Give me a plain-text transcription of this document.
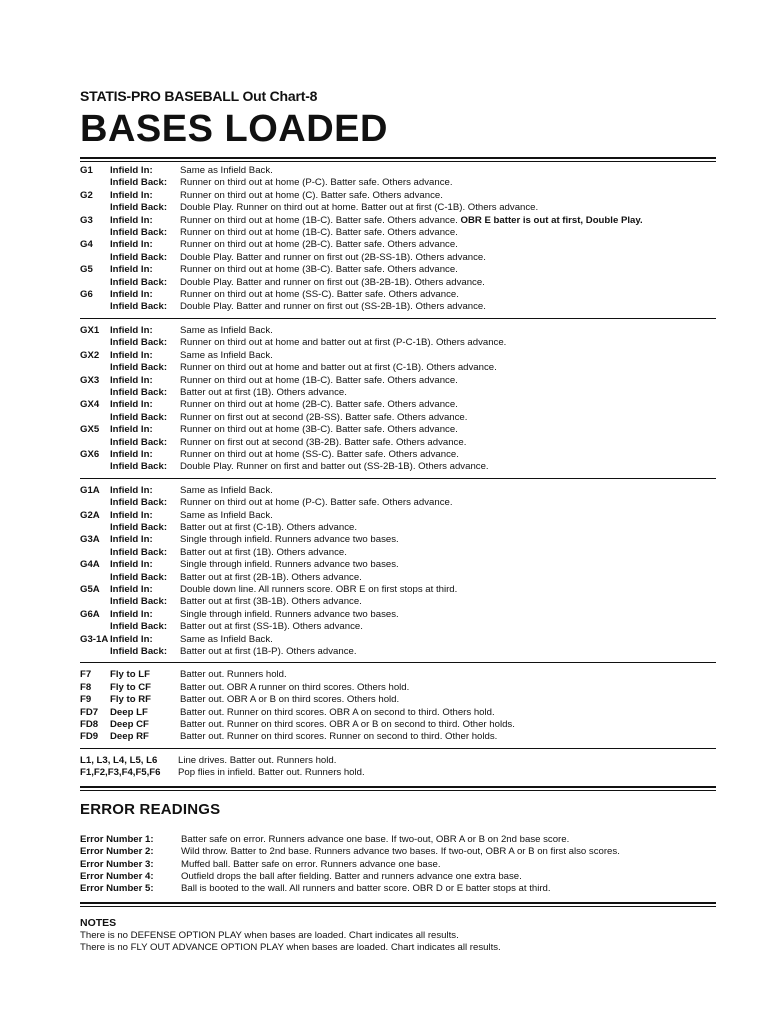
STATIS-PRO BASEBALL Out Chart-8

BASES LOADED

G1	Infield In:	Same as Infield Back.
Infield Back:	Runner on third out at home (P-C). Batter safe. Others advance.
G2	Infield In:	Runner on third out at home (C). Batter safe. Others advance.
Infield Back:	Double Play. Runner on third out at home. Batter out at first (C-1B). Others advance.
G3	Infield In:	Runner on third out at home (1B-C). Batter safe. Others advance. OBR E batter is out at first, Double Play.
Infield Back:	Runner on third out at home (1B-C). Batter safe. Others advance.
G4	Infield In:	Runner on third out at home (2B-C). Batter safe. Others advance.
Infield Back:	Double Play. Batter and runner on first out (2B-SS-1B). Others advance.
G5	Infield In:	Runner on third out at home (3B-C). Batter safe. Others advance.
Infield Back:	Double Play. Batter and runner on first out (3B-2B-1B). Others advance.
G6	Infield In:	Runner on third out at home (SS-C). Batter safe. Others advance.
Infield Back:	Double Play. Batter and runner on first out (SS-2B-1B). Others advance.
GX1	Infield In:	Same as Infield Back.
Infield Back:	Runner on third out at home and batter out at first (P-C-1B). Others advance.
GX2	Infield In:	Same as Infield Back.
Infield Back:	Runner on third out at home and batter out at first (C-1B). Others advance.
GX3	Infield In:	Runner on third out at home (1B-C). Batter safe. Others advance.
Infield Back:	Batter out at first (1B). Others advance.
GX4	Infield In:	Runner on third out at home (2B-C). Batter safe. Others advance.
Infield Back:	Runner on first out at second (2B-SS). Batter safe. Others advance.
GX5	Infield In:	Runner on third out at home (3B-C). Batter safe. Others advance.
Infield Back:	Runner on first out at second (3B-2B). Batter safe. Others advance.
GX6	Infield In:	Runner on third out at home (SS-C). Batter safe. Others advance.
Infield Back:	Double Play. Runner on first and batter out (SS-2B-1B). Others advance.
G1A	Infield In:	Same as Infield Back.
Infield Back:	Runner on third out at home (P-C). Batter safe. Others advance.
G2A	Infield In:	Same as Infield Back.
Infield Back:	Batter out at first (C-1B). Others advance.
G3A	Infield In:	Single through infield. Runners advance two bases.
Infield Back:	Batter out at first (1B). Others advance.
G4A	Infield In:	Single through infield. Runners advance two bases.
Infield Back:	Batter out at first (2B-1B). Others advance.
G5A	Infield In:	Double down line. All runners score. OBR E on first stops at third.
Infield Back:	Batter out at first (3B-1B). Others advance.
G6A	Infield In:	Single through infield. Runners advance two bases.
Infield Back:	Batter out at first (SS-1B). Others advance.
G3-1A Infield In:	Same as Infield Back.
Infield Back:	Batter out at first (1B-P). Others advance.
F7	Fly to LF	Batter out. Runners hold.
F8	Fly to CF	Batter out. OBR A runner on third scores. Others hold.
F9	Fly to RF	Batter out. OBR A or B on third scores. Others hold.
FD7	Deep LF	Batter out. Runner on third scores. OBR A on second to third. Others hold.
FD8	Deep CF	Batter out. Runner on third scores. OBR A or B on second to third. Other holds.
FD9	Deep RF	Batter out. Runner on third scores. Runner on second to third. Other holds.
L1, L3, L4, L5, L6	Line drives. Batter out. Runners hold.
F1,F2,F3,F4,F5,F6	Pop flies in infield. Batter out. Runners hold.
ERROR READINGS
Error Number 1:	Batter safe on error. Runners advance one base. If two-out, OBR A or B on 2nd base score.
Error Number 2:	Wild throw. Batter to 2nd base. Runners advance two bases. If two-out, OBR A or B on first also scores.
Error Number 3:	Muffed ball. Batter safe on error. Runners advance one base.
Error Number 4:	Outfield drops the ball after fielding. Batter and runners advance one extra base.
Error Number 5:	Ball is booted to the wall. All runners and batter score. OBR D or E batter stops at third.
NOTES
There is no DEFENSE OPTION PLAY when bases are loaded. Chart indicates all results.
There is no FLY OUT ADVANCE OPTION PLAY when bases are loaded. Chart indicates all results.
